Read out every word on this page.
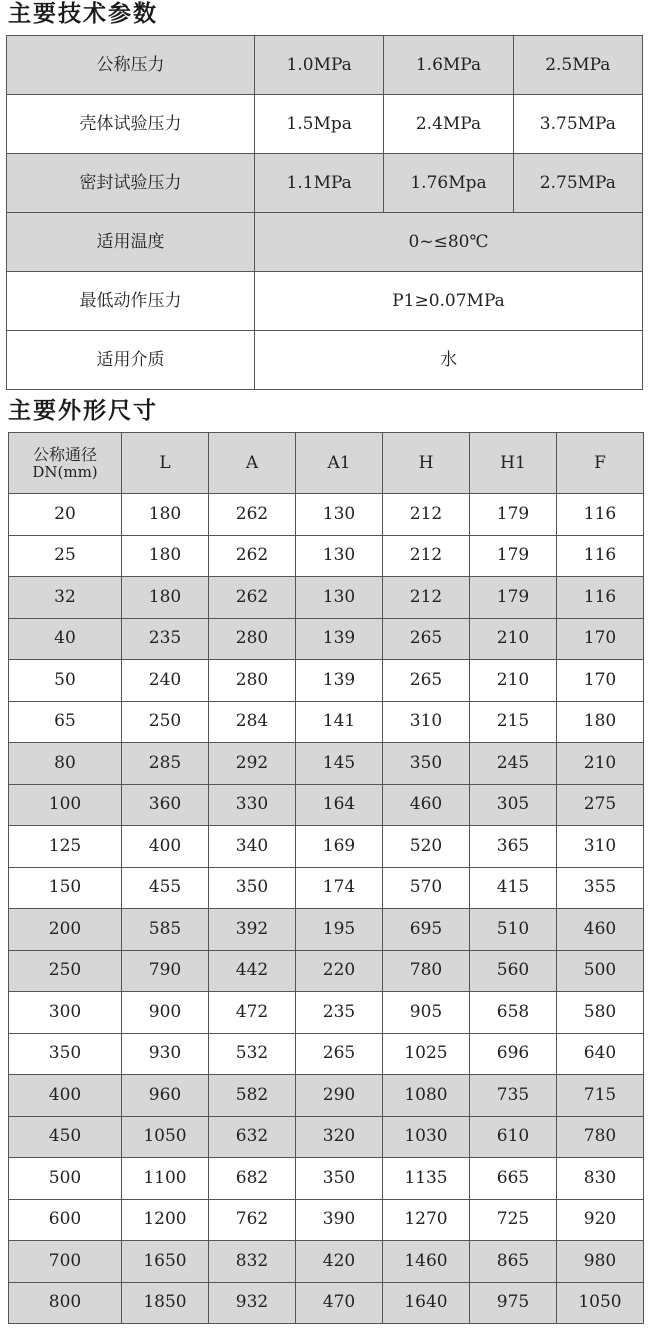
主要技术参数
公称压力	1.0MPa	1.6MPa	2.5MPa
壳体试验压力	1.5Mpa	2.4MPa	3.75MPa
密封试验压力	1.1MPa	1.76Mpa	2.75MPa
适用温度	0~≤80℃		
最低动作压力	P1≥0.07MPa		
适用介质	水		
主要外形尺寸
公称通径
DN(mm)	L	A	A1	H	H1	F
20	180	262	130	212	179	116
25	180	262	130	212	179	116
32	180	262	130	212	179	116
40	235	280	139	265	210	170
50	240	280	139	265	210	170
65	250	284	141	310	215	180
80	285	292	145	350	245	210
100	360	330	164	460	305	275
125	400	340	169	520	365	310
150	455	350	174	570	415	355
200	585	392	195	695	510	460
250	790	442	220	780	560	500
300	900	472	235	905	658	580
350	930	532	265	1025	696	640
400	960	582	290	1080	735	715
450	1050	632	320	1030	610	780
500	1100	682	350	1135	665	830
600	1200	762	390	1270	725	920
700	1650	832	420	1460	865	980
800	1850	932	470	1640	975	1050
